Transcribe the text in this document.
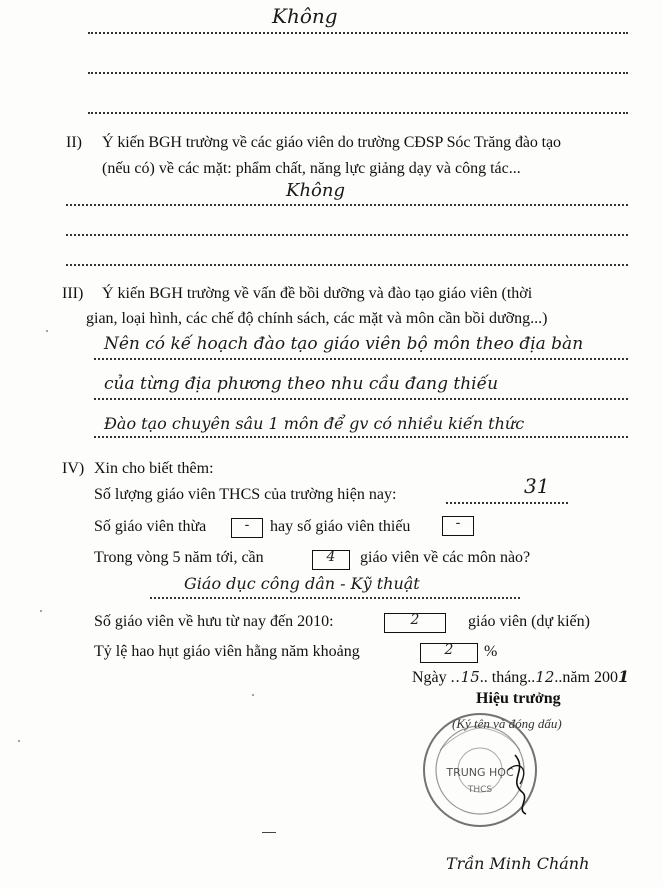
Không
II) Ý kiến BGH trường về các giáo viên do trường CĐSP Sóc Trăng đào tạo
(nếu có) về các mặt: phẩm chất, năng lực giảng dạy và công tác...
Không
III) Ý kiến BGH trường về vấn đề bồi dưỡng và đào tạo giáo viên (thời
gian, loại hình, các chế độ chính sách, các mặt và môn cần bồi dưỡng...)
Nên có kế hoạch đào tạo giáo viên bộ môn theo địa bàn
của từng địa phương theo nhu cầu đang thiếu
Đào tạo chuyên sâu 1 môn để gv có nhiều kiến thức
IV) Xin cho biết thêm:
Số lượng giáo viên THCS của trường hiện nay:	31
Số giáo viên thừa	-	hay số giáo viên thiếu	-
Trong vòng 5 năm tới, cần	4	giáo viên về các môn nào?
Giáo dục công dân - Kỹ thuật
Số giáo viên về hưu từ nay đến 2010:	2	giáo viên (dự kiến)
Tỷ lệ hao hụt giáo viên hằng năm khoảng	2	%
Ngày ..15.. tháng..12..năm 2001
Hiệu trưởng
(Ký tên và đóng dấu)
TRUNG HỌC
THCS
Trần Minh Chánh
